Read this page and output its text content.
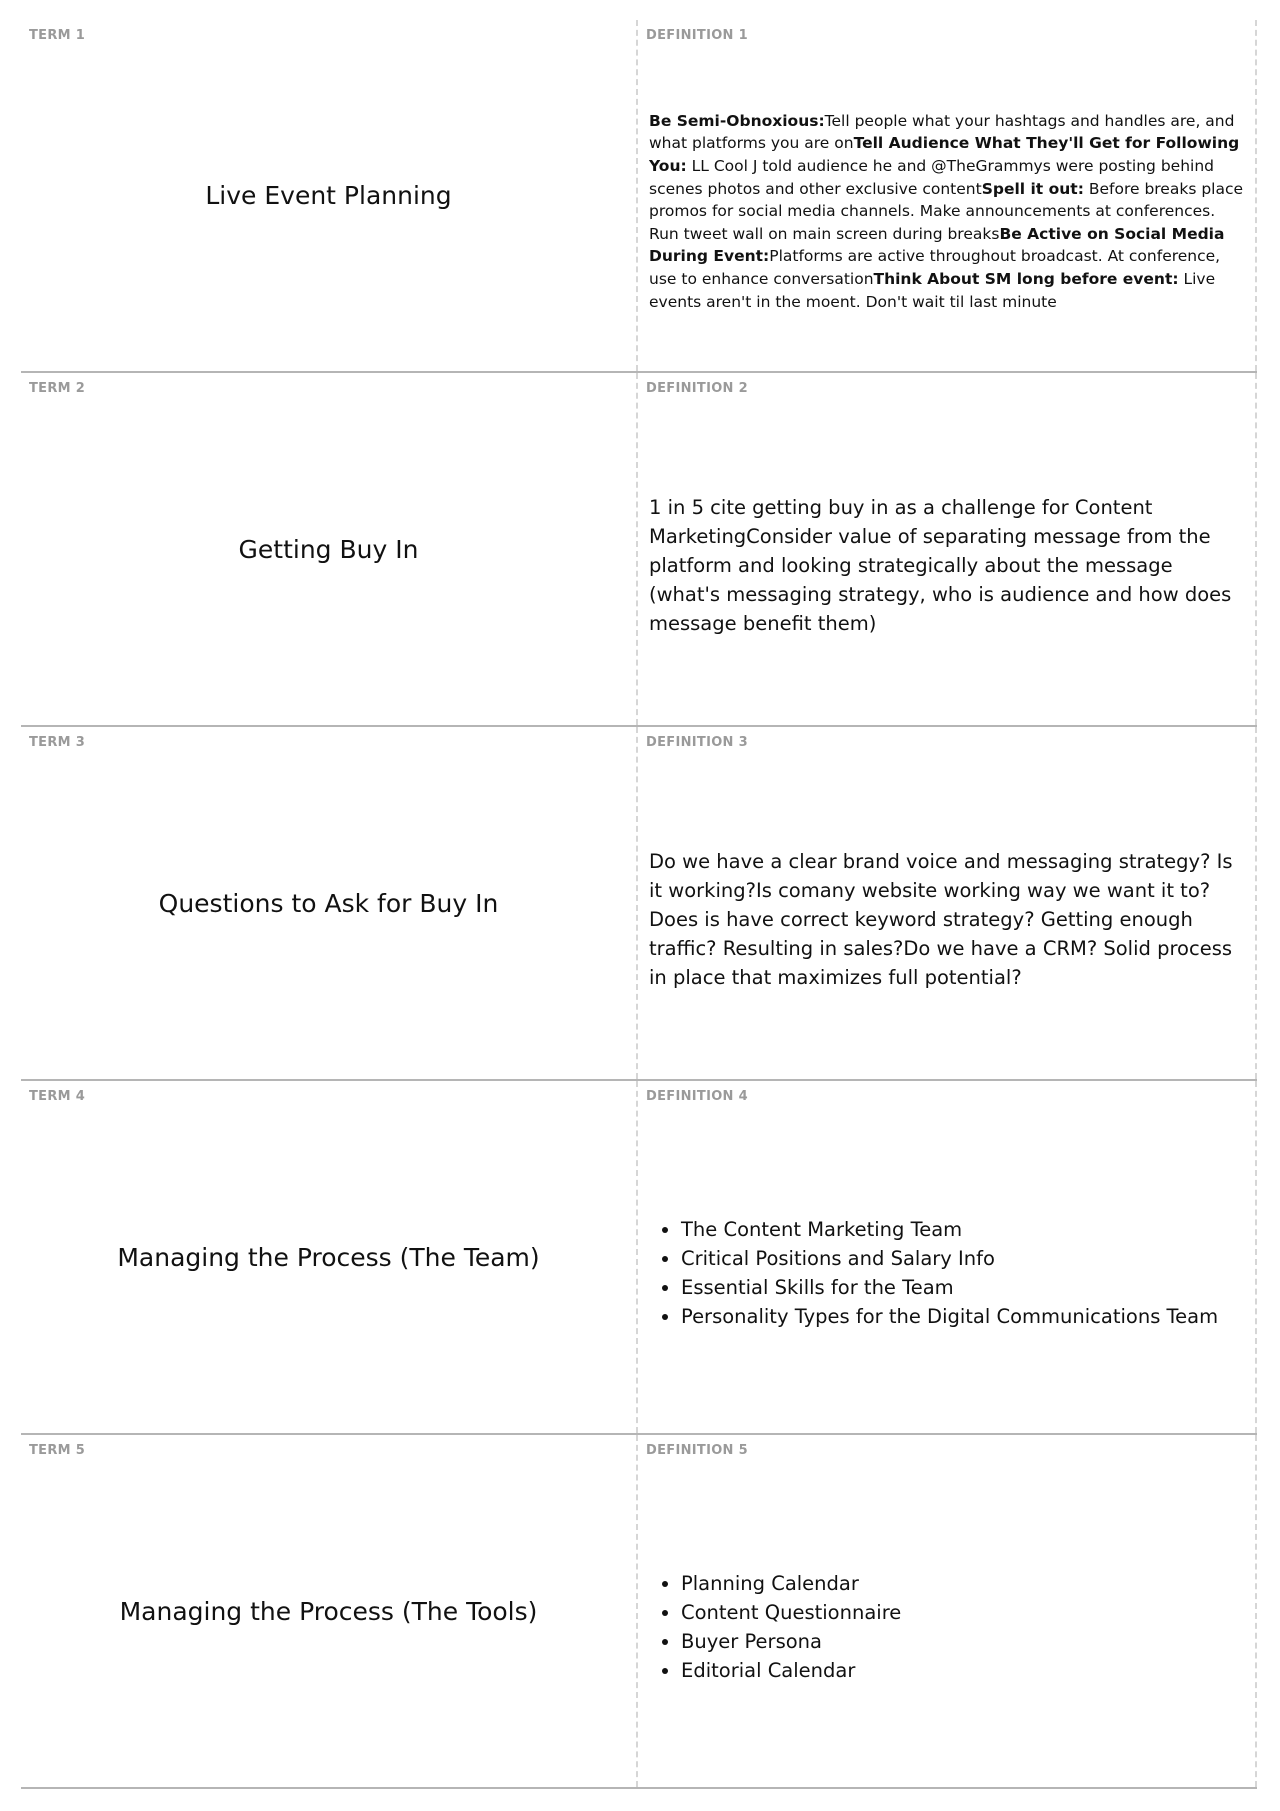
TERM 1
Live Event Planning
DEFINITION 1
Be Semi-Obnoxious:Tell people what your hashtags and handles are, and what platforms you are onTell Audience What They'll Get for Following You: LL Cool J told audience he and @TheGrammys were posting behind scenes photos and other exclusive contentSpell it out: Before breaks place promos for social media channels. Make announcements at conferences. Run tweet wall on main screen during breaksBe Active on Social Media During Event:Platforms are active throughout broadcast. At conference, use to enhance conversationThink About SM long before event: Live events aren't in the moent. Don't wait til last minute
TERM 2
Getting Buy In
DEFINITION 2
1 in 5 cite getting buy in as a challenge for Content MarketingConsider value of separating message from the platform and looking strategically about the message (what's messaging strategy, who is audience and how does message benefit them)
TERM 3
Questions to Ask for Buy In
DEFINITION 3
Do we have a clear brand voice and messaging strategy? Is it working?Is comany website working way we want it to? Does is have correct keyword strategy? Getting enough traffic? Resulting in sales?Do we have a CRM? Solid process in place that maximizes full potential?
TERM 4
Managing the Process (The Team)
DEFINITION 4
• The Content Marketing Team
• Critical Positions and Salary Info
• Essential Skills for the Team
• Personality Types for the Digital Communications Team
TERM 5
Managing the Process (The Tools)
DEFINITION 5
• Planning Calendar
• Content Questionnaire
• Buyer Persona
• Editorial Calendar
